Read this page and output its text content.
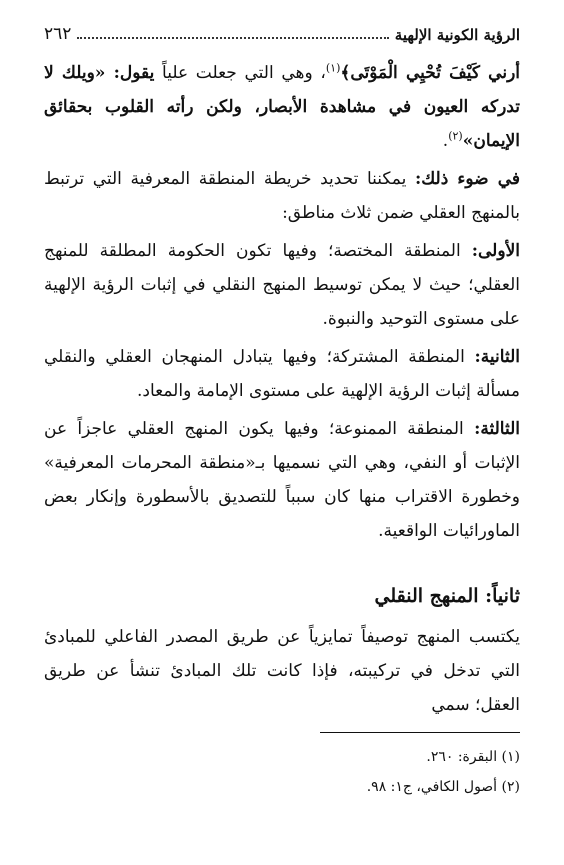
الرؤية الكونية الإلهية
٢٦٢

أرني كَيْفَ تُحْيِي الْمَوْتَى﴾$^{(١)}$، وهي التي جعلت علياً يقول: «ويلك لا تدركه العيون في مشاهدة الأبصار، ولكن رأته القلوب بحقائق الإيمان»$^{(٢)}$.

في ضوء ذلك: يمكننا تحديد خريطة المنطقة المعرفية التي ترتبط بالمنهج العقلي ضمن ثلاث مناطق:

الأولى: المنطقة المختصة؛ وفيها تكون الحكومة المطلقة للمنهج العقلي؛ حيث لا يمكن توسيط المنهج النقلي في إثبات الرؤية الإلهية على مستوى التوحيد والنبوة.

الثانية: المنطقة المشتركة؛ وفيها يتبادل المنهجان العقلي والنقلي مسألة إثبات الرؤية الإلهية على مستوى الإمامة والمعاد.

الثالثة: المنطقة الممنوعة؛ وفيها يكون المنهج العقلي عاجزاً عن الإثبات أو النفي، وهي التي نسميها بـ«منطقة المحرمات المعرفية» وخطورة الاقتراب منها كان سبباً للتصديق بالأسطورة وإنكار بعض الماورائيات الواقعية.

ثانياً: المنهج النقلي

يكتسب المنهج توصيفاً تمايزياً عن طريق المصدر الفاعلي للمبادئ التي تدخل في تركيبته، فإذا كانت تلك المبادئ تنشأ عن طريق العقل؛ سمي

(١) البقرة: ٢٦٠.

(٢) أصول الكافي، ج١: ٩٨.
